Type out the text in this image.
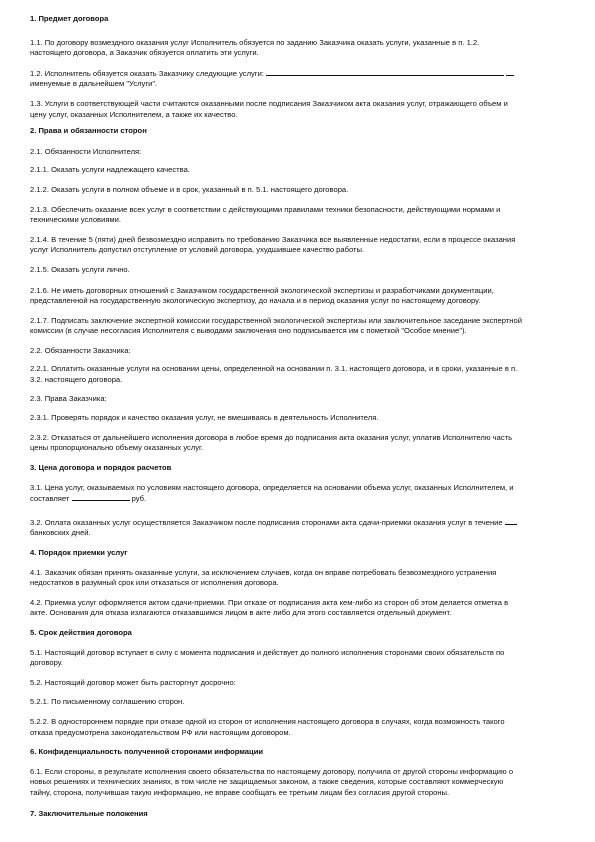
1. Предмет договора
1.1. По договору возмездного оказания услуг Исполнитель обязуется по заданию Заказчика оказать услуги, указанные в п. 1.2.
настоящего договора, а Заказчик обязуется оплатить эти услуги.
1.2. Исполнитель обязуется оказать Заказчику следующие услуги:
именуемые в дальнейшем "Услуги".
1.3. Услуги в соответствующей части считаются оказанными после подписания Заказчиком акта оказания услуг, отражающего объем и
цену услуг, оказанных Исполнителем, а также их качество.
2. Права и обязанности сторон
2.1. Обязанности Исполнителя:
2.1.1. Оказать услуги надлежащего качества.
2.1.2. Оказать услуги в полном объеме и в срок, указанный в п. 5.1. настоящего договора.
2.1.3. Обеспечить оказание всех услуг в соответствии с действующими правилами техники безопасности, действующими нормами и
техническими условиями.
2.1.4. В течение 5 (пяти) дней безвозмездно исправить по требованию Заказчика все выявленные недостатки, если в процессе оказания
услуг Исполнитель допустил отступление от условий договора, ухудшившее качество работы.
2.1.5. Оказать услуги лично.
2.1.6. Не иметь договорных отношений с Заказчиком государственной экологической экспертизы и разработчиками документации,
представленной на государственную экологическую экспертизу, до начала и в период оказания услуг по настоящему договору.
2.1.7. Подписать заключение экспертной комиссии государственной экологической экспертизы или заключительное заседание экспертной
комиссии (в случае несогласия Исполнителя с выводами заключения оно подписывается им с пометкой "Особое мнение").
2.2. Обязанности Заказчика:
2.2.1. Оплатить оказанные услуги на основании цены, определенной на основании п. 3.1. настоящего договора, и в сроки, указанные в п.
3.2. настоящего договора.
2.3. Права Заказчика:
2.3.1. Проверять порядок и качество оказания услуг, не вмешиваясь в деятельность Исполнителя.
2.3.2. Отказаться от дальнейшего исполнения договора в любое время до подписания акта оказания услуг, уплатив Исполнителю часть
цены пропорционально объему оказанных услуг.
3. Цена договора и порядок расчетов
3.1. Цена услуг, оказываемых по условиям настоящего договора, определяется на основании объема услуг, оказанных Исполнителем, и
составляет	руб.
3.2. Оплата оказанных услуг осуществляется Заказчиком после подписания сторонами акта сдачи-приемки оказания услуг в течение
банковских дней.
4. Порядок приемки услуг
4.1. Заказчик обязан принять оказанные услуги, за исключением случаев, когда он вправе потребовать безвозмездного устранения
недостатков в разумный срок или отказаться от исполнения договора.
4.2. Приемка услуг оформляется актом сдачи-приемки. При отказе от подписания акта кем-либо из сторон об этом делается отметка в
акте. Основания для отказа излагаются отказавшимся лицом в акте либо для этого составляется отдельный документ.
5. Срок действия договора
5.1. Настоящий договор вступает в силу с момента подписания и действует до полного исполнения сторонами своих обязательств по
договору.
5.2. Настоящий договор может быть расторгнут досрочно:
5.2.1. По письменному соглашению сторон.
5.2.2. В одностороннем порядке при отказе одной из сторон от исполнения настоящего договора в случаях, когда возможность такого
отказа предусмотрена законодательством РФ или настоящим договором.
6. Конфиденциальность полученной сторонами информации
6.1. Если стороны, в результате исполнения своего обязательства по настоящему договору, получила от другой стороны информацию о
новых решениях и технических знаниях, в том числе не защищаемых законом, а также сведения, которые составляют коммерческую
тайну, сторона, получившая такую информацию, не вправе сообщать ее третьим лицам без согласия другой стороны.
7. Заключительные положения
